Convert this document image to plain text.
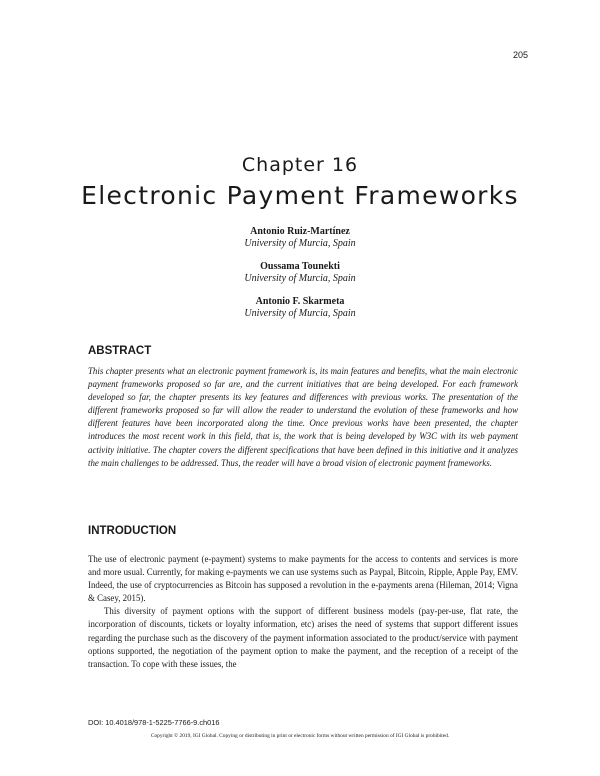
205
Chapter 16
Electronic Payment Frameworks
Antonio Ruiz-Martínez
University of Murcia, Spain
Oussama Tounekti
University of Murcia, Spain
Antonio F. Skarmeta
University of Murcia, Spain
ABSTRACT

This chapter presents what an electronic payment framework is, its main features and benefits, what the main electronic payment frameworks proposed so far are, and the current initiatives that are being developed. For each framework developed so far, the chapter presents its key features and differences with previous works. The presentation of the different frameworks proposed so far will allow the reader to understand the evolution of these frameworks and how different features have been incorporated along the time. Once previous works have been presented, the chapter introduces the most recent work in this field, that is, the work that is being developed by W3C with its web payment activity initiative. The chapter covers the different specifications that have been defined in this initiative and it analyzes the main challenges to be addressed. Thus, the reader will have a broad vision of electronic payment frameworks.

INTRODUCTION

The use of electronic payment (e-payment) systems to make payments for the access to contents and services is more and more usual. Currently, for making e-payments we can use systems such as Paypal, Bitcoin, Ripple, Apple Pay, EMV. Indeed, the use of cryptocurrencies as Bitcoin has supposed a revolution in the e-payments arena (Hileman, 2014; Vigna & Casey, 2015).

This diversity of payment options with the support of different business models (pay-per-use, flat rate, the incorporation of discounts, tickets or loyalty information, etc) arises the need of systems that support different issues regarding the purchase such as the discovery of the payment information associated to the product/service with payment options supported, the negotiation of the payment option to make the payment, and the reception of a receipt of the transaction. To cope with these issues, the

DOI: 10.4018/978-1-5225-7766-9.ch016
Copyright © 2019, IGI Global. Copying or distributing in print or electronic forms without written permission of IGI Global is prohibited.
